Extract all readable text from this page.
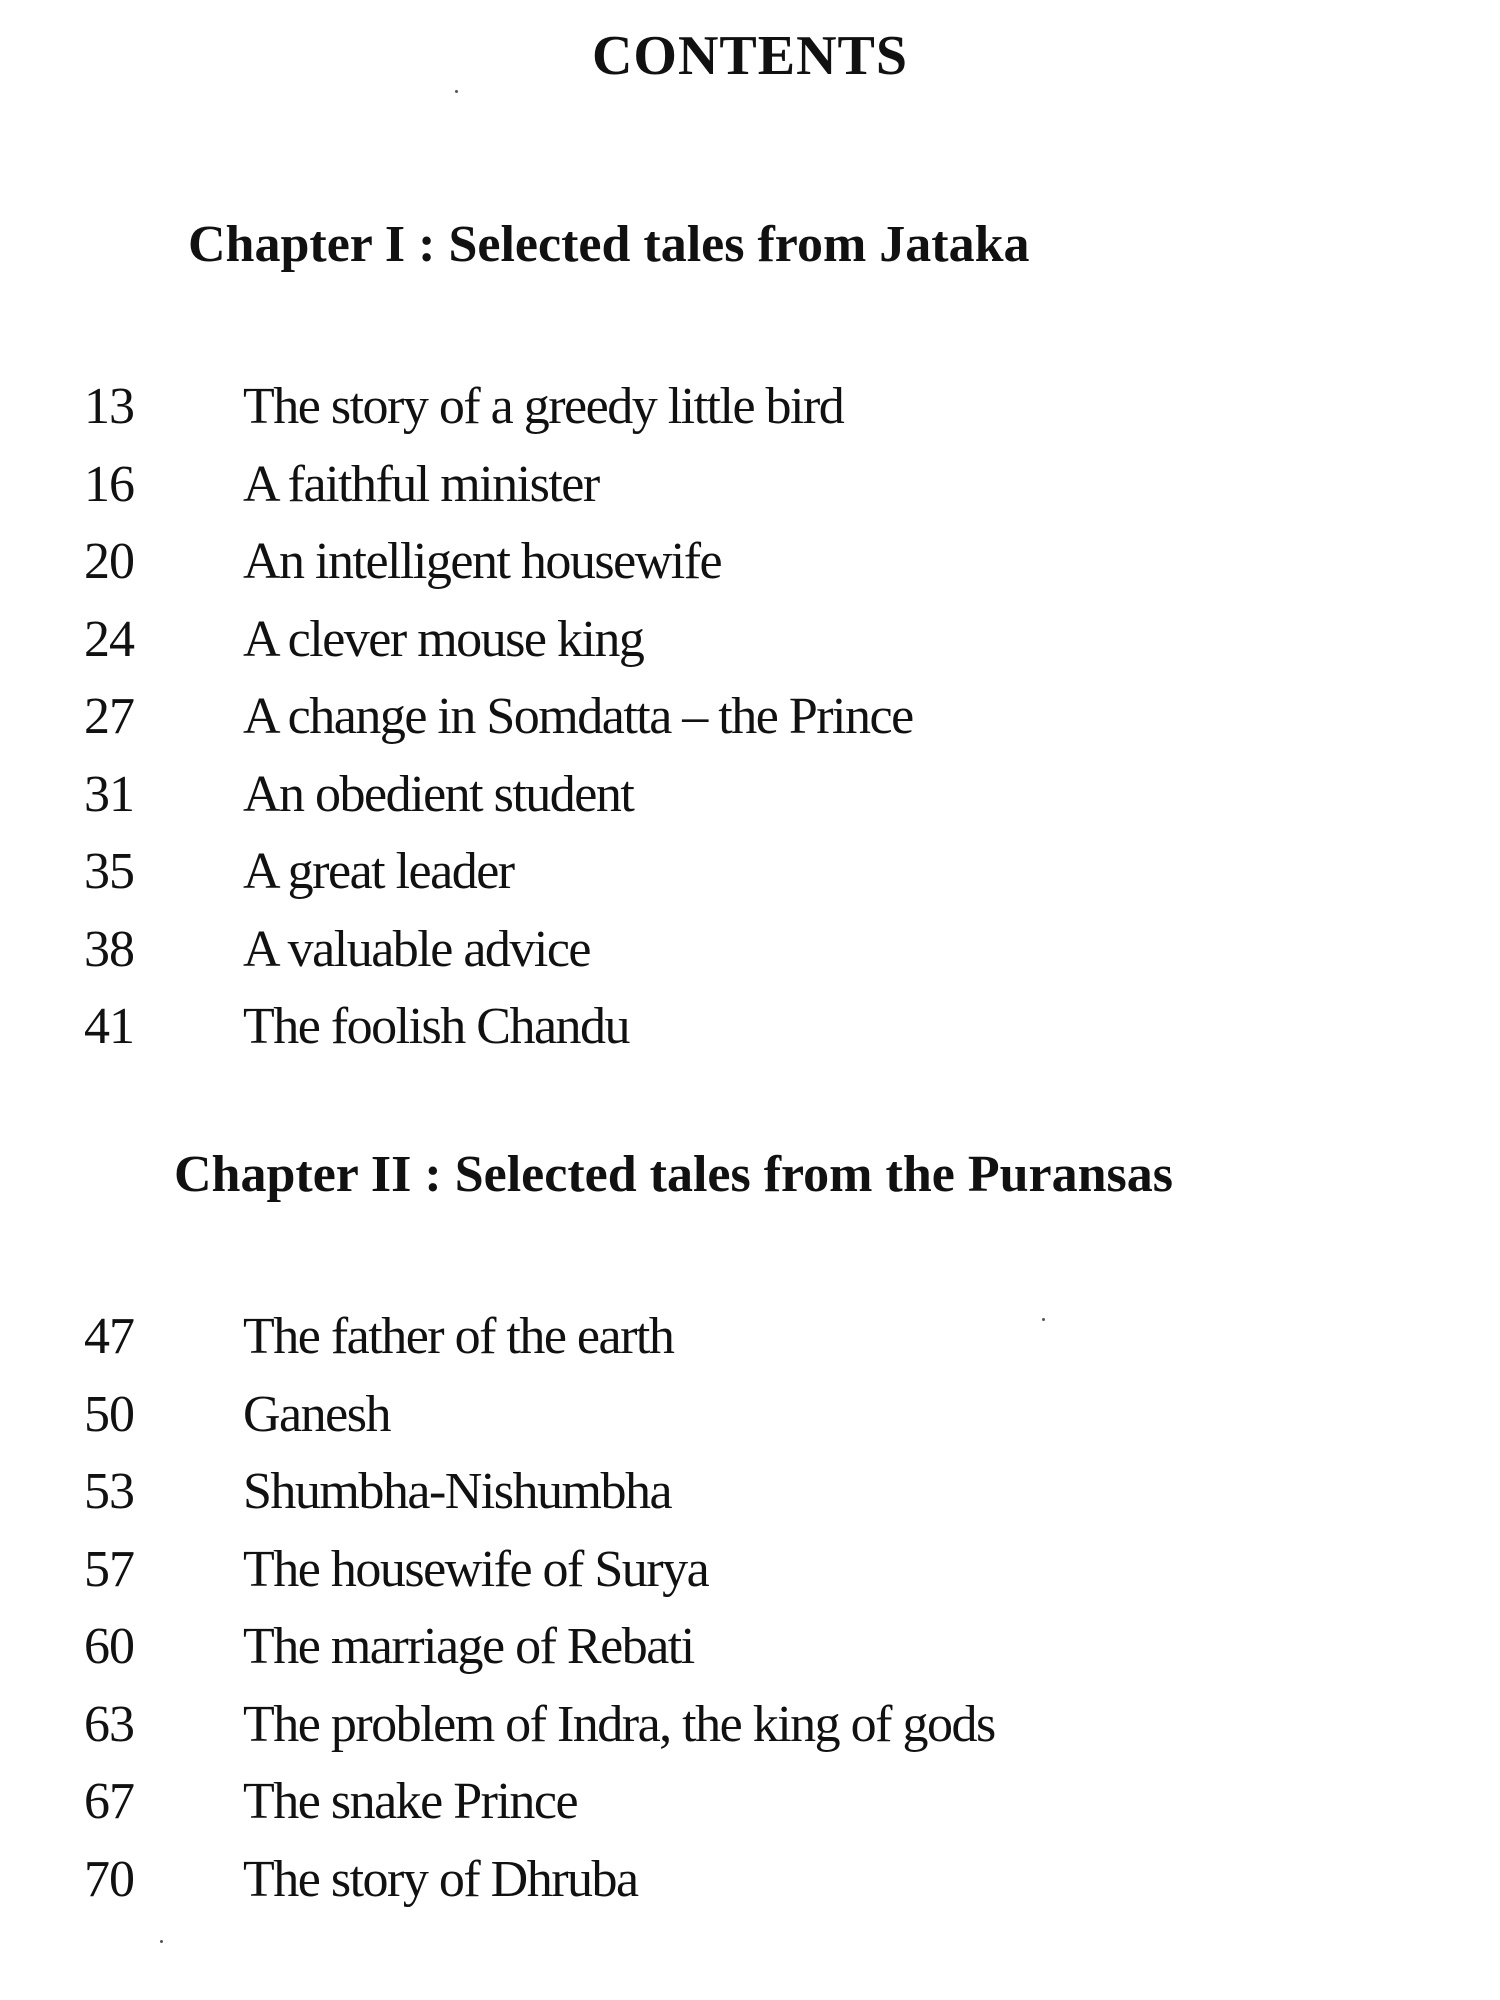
CONTENTS
Chapter I : Selected tales from Jataka
13 The story of a greedy little bird
16 A faithful minister
20 An intelligent housewife
24 A clever mouse king
27 A change in Somdatta – the Prince
31 An obedient student
35 A great leader
38 A valuable advice
41 The foolish Chandu
Chapter II : Selected tales from the Puransas
47 The father of the earth
50 Ganesh
53 Shumbha-Nishumbha
57 The housewife of Surya
60 The marriage of Rebati
63 The problem of Indra, the king of gods
67 The snake Prince
70 The story of Dhruba
